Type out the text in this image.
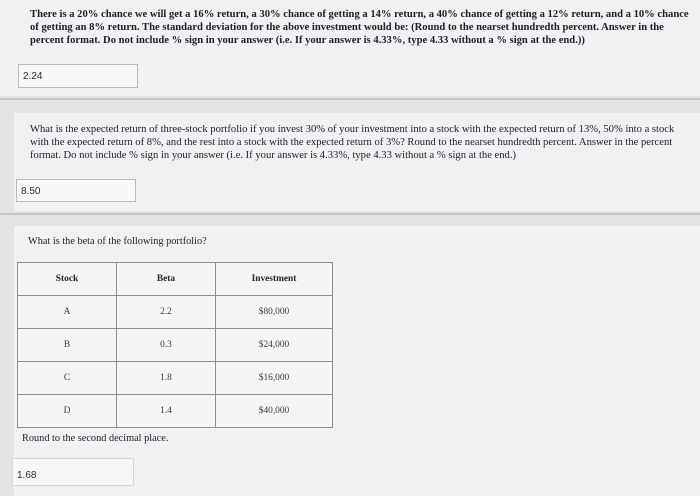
There is a 20% chance we will get a 16% return, a 30% chance of getting a 14% return, a 40% chance of getting a 12% return, and a 10% chance of getting an 8% return. The standard deviation for the above investment would be: (Round to the nearset hundredth percent. Answer in the percent format. Do not include % sign in your answer (i.e. If your answer is 4.33%, type 4.33 without a % sign at the end.))
2.24
What is the expected return of three-stock portfolio if you invest 30% of your investment into a stock with the expected return of 13%, 50% into a stock with the expected return of 8%, and the rest into a stock with the expected return of 3%? Round to the nearset hundredth percent. Answer in the percent format. Do not include % sign in your answer (i.e. If your answer is 4.33%, type 4.33 without a % sign at the end.)
8.50
What is the beta of the following portfolio?
Stock	Beta	Investment
A	2.2	$80,000
B	0.3	$24,000
C	1.8	$16,000
D	1.4	$40,000
Round to the second decimal place.
1.68
